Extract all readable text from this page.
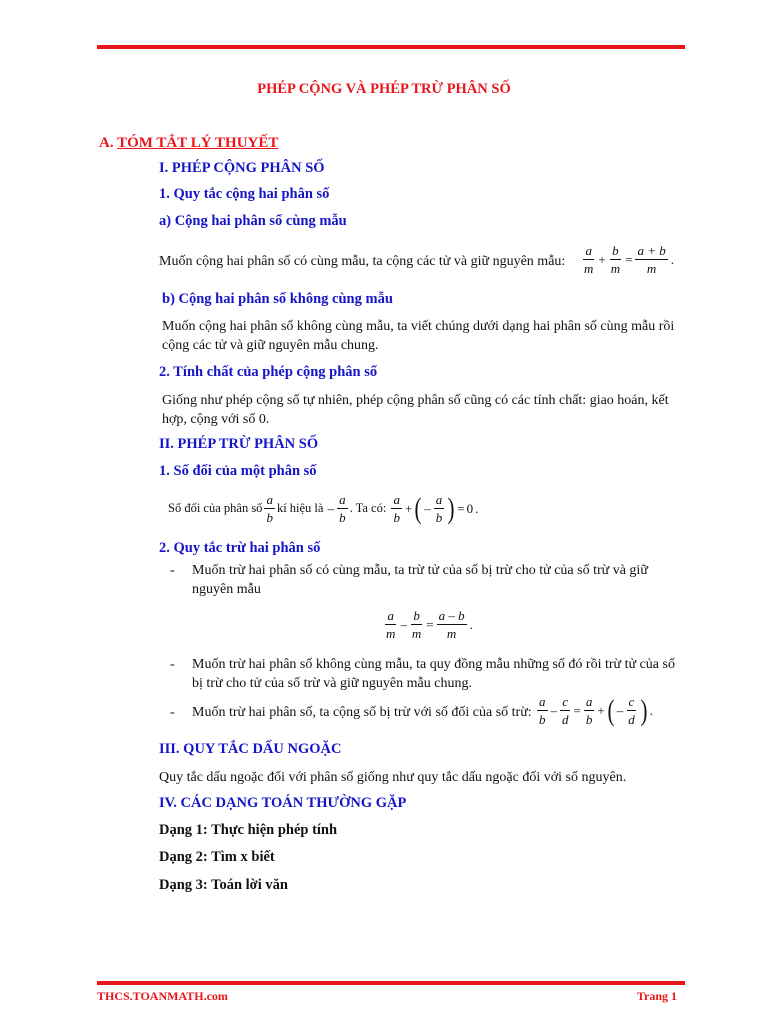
PHÉP CỘNG VÀ PHÉP TRỪ PHÂN SỐ
A. TÓM TẮT LÝ THUYẾT
I. PHÉP CỘNG PHÂN SỐ
1. Quy tắc cộng hai phân số
a) Cộng hai phân số cùng mẫu
Muốn cộng hai phân số có cùng mẫu, ta cộng các tử và giữ nguyên mẫu: $\frac{a}{m} + \frac{b}{m} = \frac{a + b}{m}$ .
b) Cộng hai phân số không cùng mẫu
Muốn cộng hai phân số không cùng mẫu, ta viết chúng dưới dạng hai phân số cùng mẫu rồi
cộng các tử và giữ nguyên mẫu chung.
2. Tính chất của phép cộng phân số
Giống như phép cộng số tự nhiên, phép cộng phân số cũng có các tính chất: giao hoán, kết
hợp, cộng với số 0.
II. PHÉP TRỪ PHÂN SỐ
1. Số đối của một phân số
Số đối của phân số $\frac{a}{b}$ kí hiệu là
– $\frac{a}{b}$ . Ta có:
$\frac{a}{b}$ + ( – $\frac{a}{b}$ ) = 0 .
2. Quy tắc trừ hai phân số
- Muốn trừ hai phân số có cùng mẫu, ta trừ tử của số bị trừ cho tử của số trừ và giữ
nguyên mẫu
$\frac{a}{m} - \frac{b}{m} = \frac{a - b}{m}$ .
- Muốn trừ hai phân số không cùng mẫu, ta quy đồng mẫu những số đó rồi trừ tử của số
bị trừ cho tử của số trừ và giữ nguyên mẫu chung.
- Muốn trừ hai phân số, ta cộng số bị trừ với số đối của số trừ: $\frac{a}{b} - \frac{c}{d} = \frac{a}{b}$ + ( – $\frac{c}{d}$ ) .
III. QUY TẮC DẤU NGOẶC
Quy tắc dấu ngoặc đối với phân số giống như quy tắc dấu ngoặc đối với số nguyên.
IV. CÁC DẠNG TOÁN THƯỜNG GẶP
Dạng 1: Thực hiện phép tính
Dạng 2: Tìm x biết
Dạng 3: Toán lời văn
THCS.TOANMATH.com	Trang 1
